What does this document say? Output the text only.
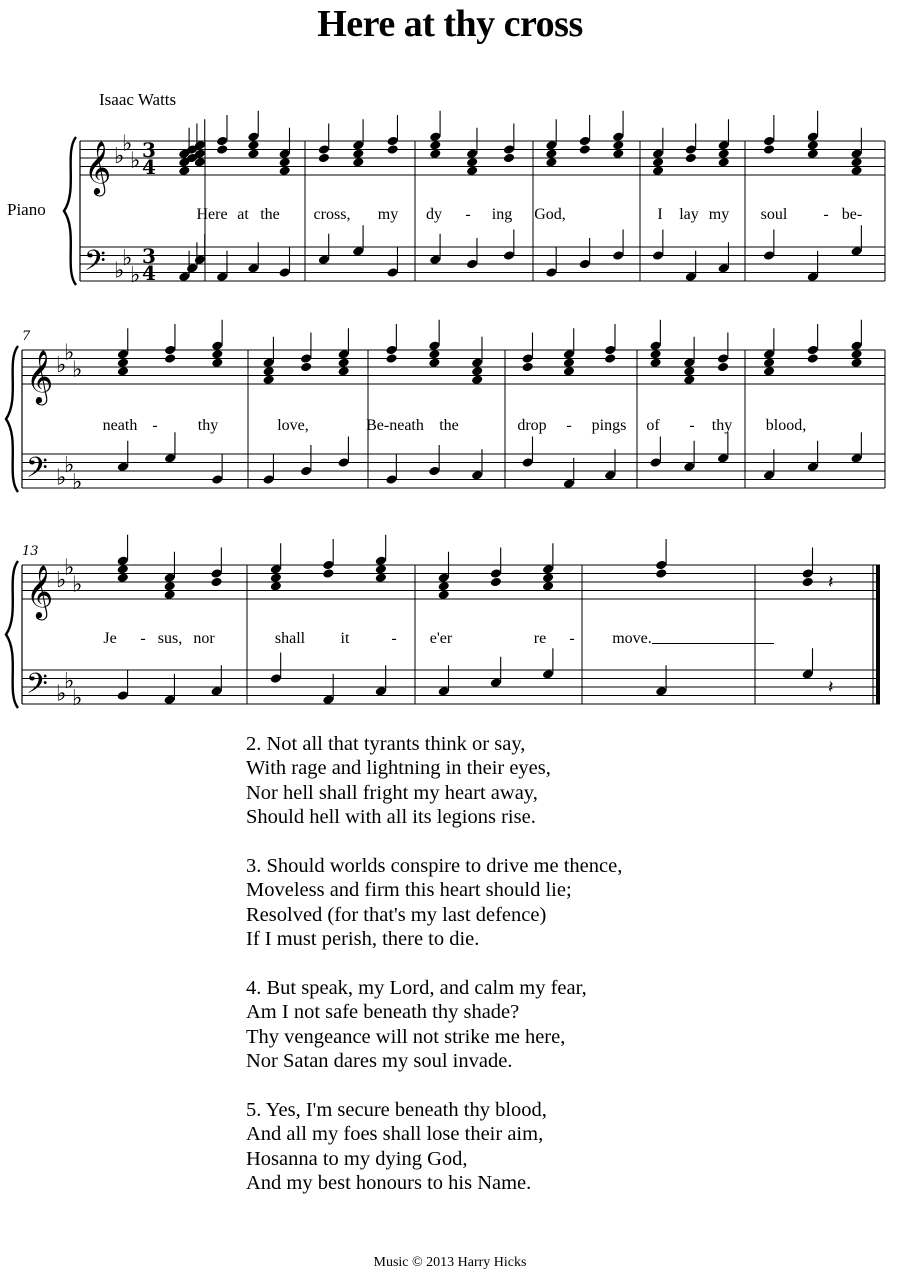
Here at thy cross
Isaac Watts
Piano
𝄞
𝄢
♭
♭
♭
♭
♭
♭
3
4
3
4
𝄞
𝄢
♭
♭
♭
♭
♭
♭
7
𝄞
𝄢
♭
♭
♭
♭
♭
♭
13
𝄽
𝄽
Here at the cross, my dy - ing God,	I lay my soul - be-
neath -	thy	love,	Be-neath the	drop - pings of - thy blood,
Je - sus, nor	shall it	- e'er	re - move.
2. Not all that tyrants think or say,
With rage and lightning in their eyes,
Nor hell shall fright my heart away,
Should hell with all its legions rise.
3. Should worlds conspire to drive me thence,
Moveless and firm this heart should lie;
Resolved (for that's my last defence)
If I must perish, there to die.
4. But speak, my Lord, and calm my fear,
Am I not safe beneath thy shade?
Thy vengeance will not strike me here,
Nor Satan dares my soul invade.
5. Yes, I'm secure beneath thy blood,
And all my foes shall lose their aim,
Hosanna to my dying God,
And my best honours to his Name.
Music © 2013 Harry Hicks
